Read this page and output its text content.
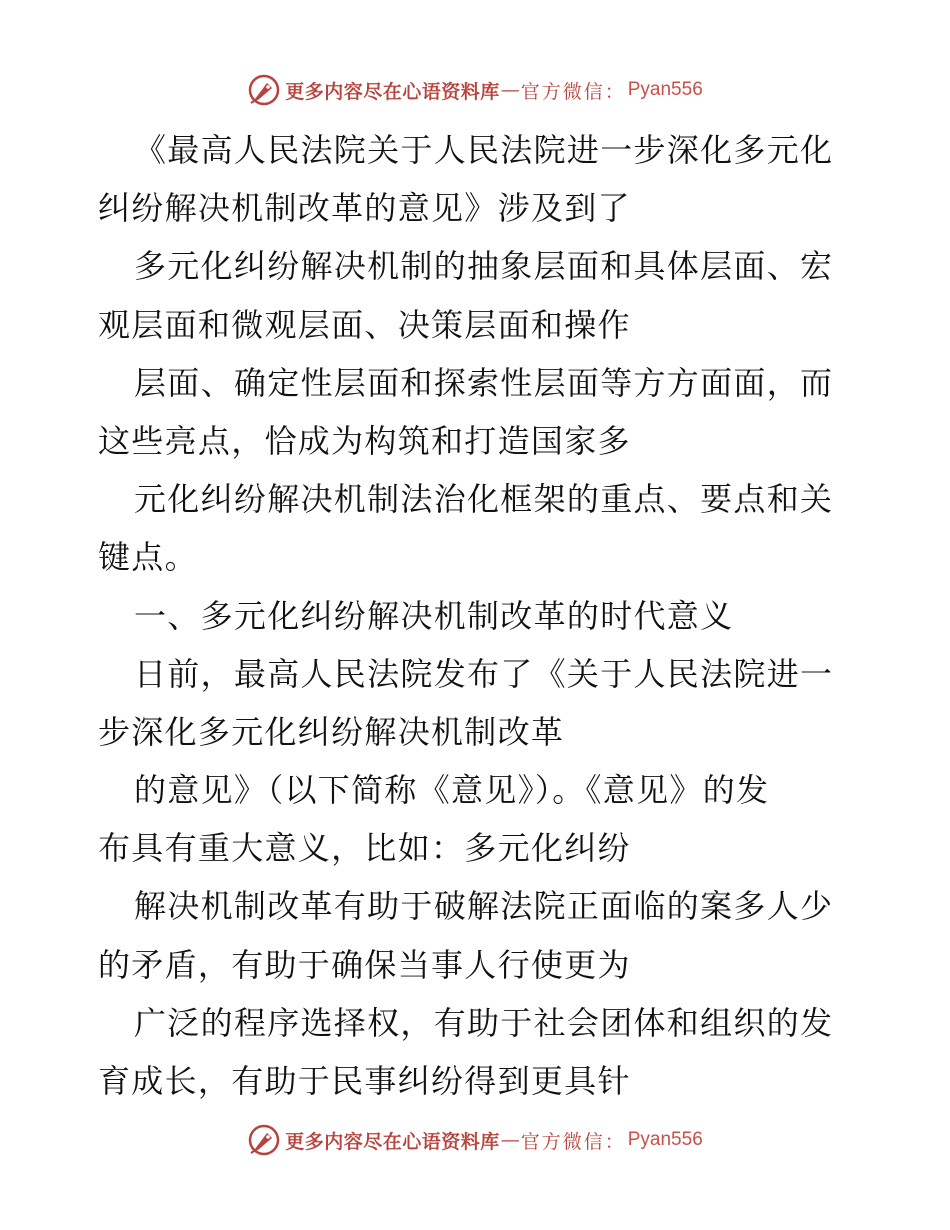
更多内容尽在心语资料库 — 官方微信： Pyan556
《最高人民法院关于人民法院进一步深化多元化
纠纷解决机制改革的意见》涉及到了
多元化纠纷解决机制的抽象层面和具体层面、宏
观层面和微观层面、决策层面和操作
层面、确定性层面和探索性层面等方方面面，而
这些亮点，恰成为构筑和打造国家多
元化纠纷解决机制法治化框架的重点、要点和关
键点。
一、多元化纠纷解决机制改革的时代意义
日前，最高人民法院发布了《关于人民法院进一
步深化多元化纠纷解决机制改革
的意见》（以下简称《意见》）。《意见》的发
布具有重大意义，比如：多元化纠纷
解决机制改革有助于破解法院正面临的案多人少
的矛盾，有助于确保当事人行使更为
广泛的程序选择权，有助于社会团体和组织的发
育成长，有助于民事纠纷得到更具针
更多内容尽在心语资料库 — 官方微信： Pyan556
